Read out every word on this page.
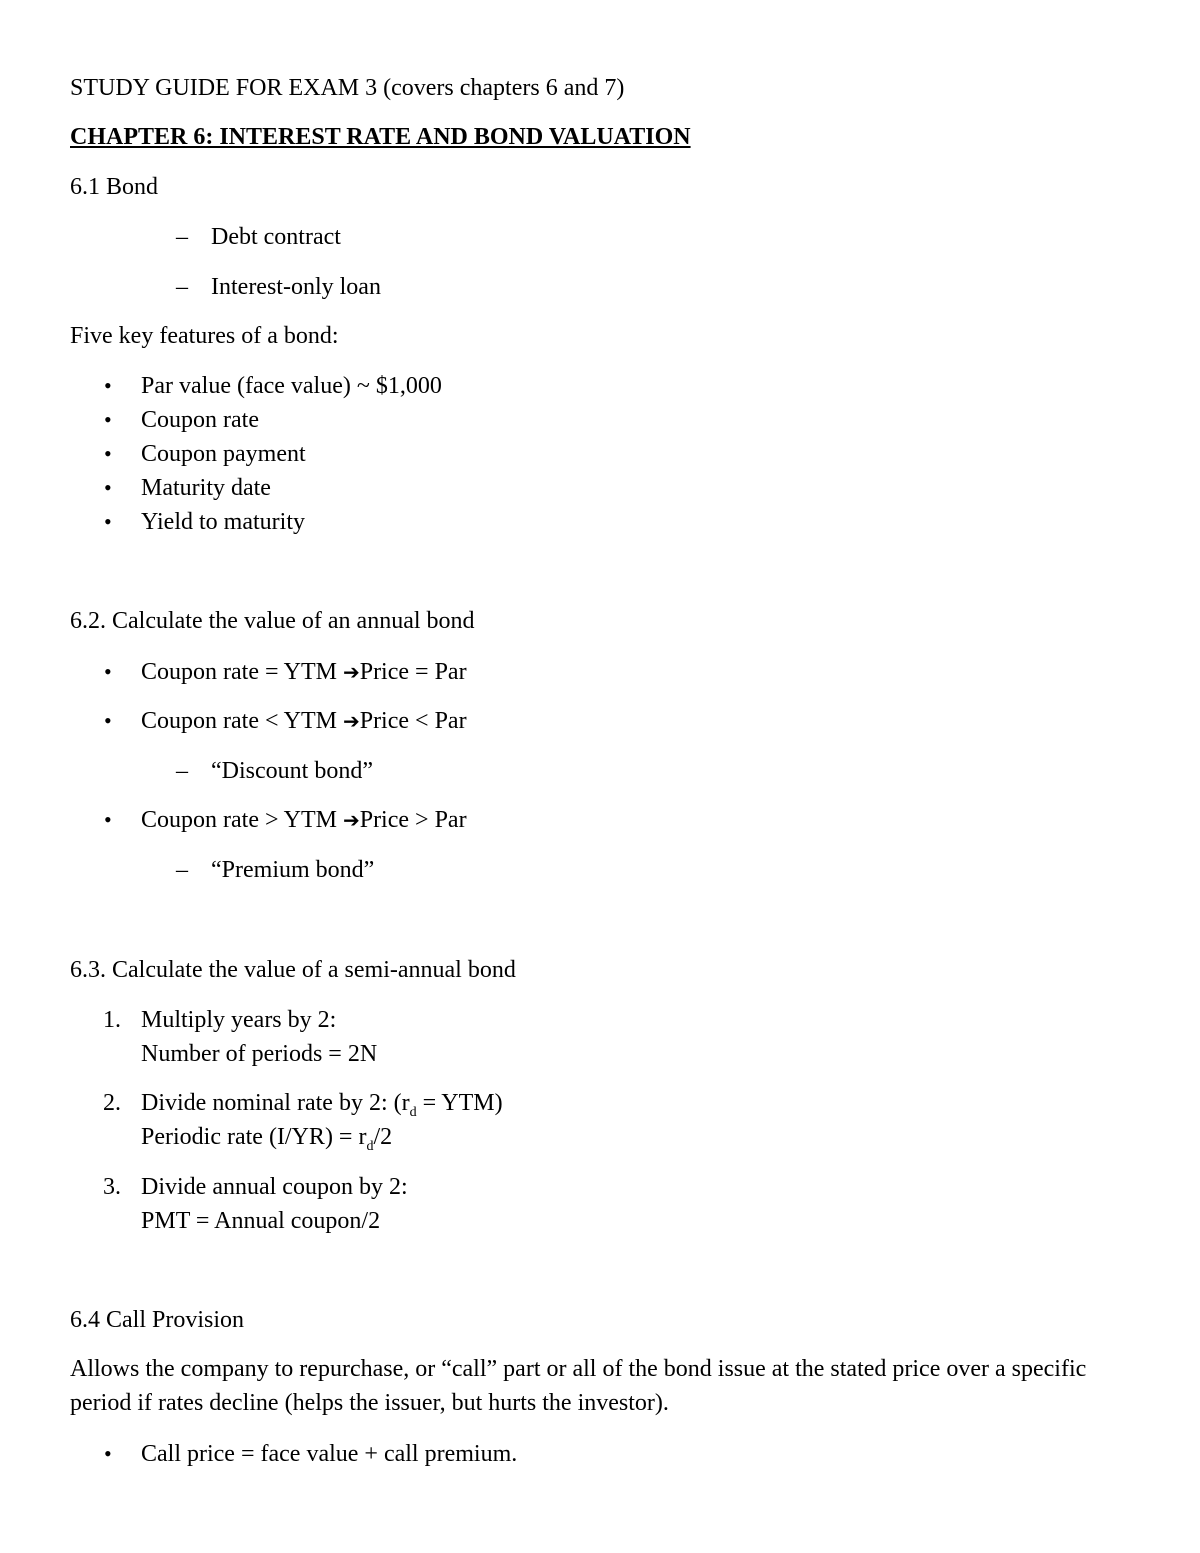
STUDY GUIDE FOR EXAM 3 (covers chapters 6 and 7)
CHAPTER 6: INTEREST RATE AND BOND VALUATION
6.1 Bond
– Debt contract
– Interest-only loan
Five key features of a bond:
• Par value (face value) ~ $1,000
• Coupon rate
• Coupon payment
• Maturity date
• Yield to maturity
6.2. Calculate the value of an annual bond
• Coupon rate = YTM ➔Price = Par
• Coupon rate < YTM ➔Price < Par
– “Discount bond”
• Coupon rate > YTM ➔Price > Par
– “Premium bond”
6.3. Calculate the value of a semi-annual bond
1. Multiply years by 2:
Number of periods = 2N
2. Divide nominal rate by 2: $(r_d = YTM)$
Periodic rate $(I/YR) = r_d/2$
3. Divide annual coupon by 2:
PMT = Annual coupon/2
6.4 Call Provision
Allows the company to repurchase, or “call” part or all of the bond issue at the stated price over a specific period if rates decline (helps the issuer, but hurts the investor).
• Call price = face value + call premium.
